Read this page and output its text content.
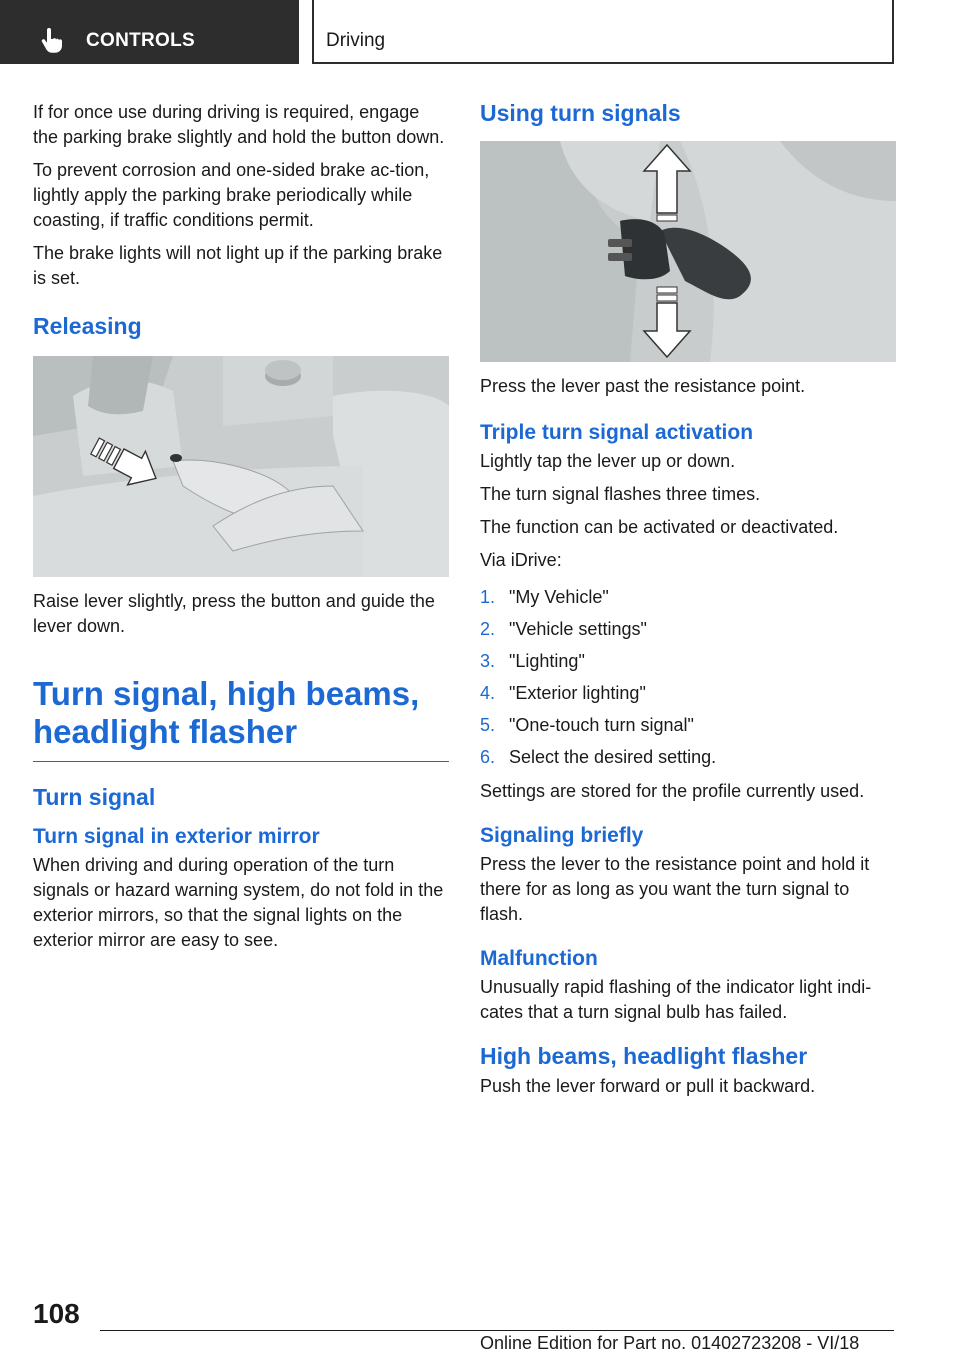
CONTROLS	Driving

If for once use during driving is required, engage the parking brake slightly and hold the button down.

To prevent corrosion and one-sided brake ac-tion, lightly apply the parking brake periodically while coasting, if traffic conditions permit.

The brake lights will not light up if the parking brake is set.

Releasing

Raise lever slightly, press the button and guide the lever down.

Turn signal, high beams,
headlight flasher
Turn signal
Turn signal in exterior mirror

When driving and during operation of the turn signals or hazard warning system, do not fold in the exterior mirrors, so that the signal lights on the exterior mirror are easy to see.

Using turn signals

Press the lever past the resistance point.

Triple turn signal activation

Lightly tap the lever up or down.

The turn signal flashes three times.

The function can be activated or deactivated.

Via iDrive:

1. "My Vehicle"
2. "Vehicle settings"
3. "Lighting"
4. "Exterior lighting"
5. "One-touch turn signal"
6. Select the desired setting.

Settings are stored for the profile currently used.

Signaling briefly

Press the lever to the resistance point and hold it there for as long as you want the turn signal to flash.

Malfunction

Unusually rapid flashing of the indicator light indi-cates that a turn signal bulb has failed.

High beams, headlight flasher

Push the lever forward or pull it backward.

108
Online Edition for Part no. 01402723208 - VI/18
